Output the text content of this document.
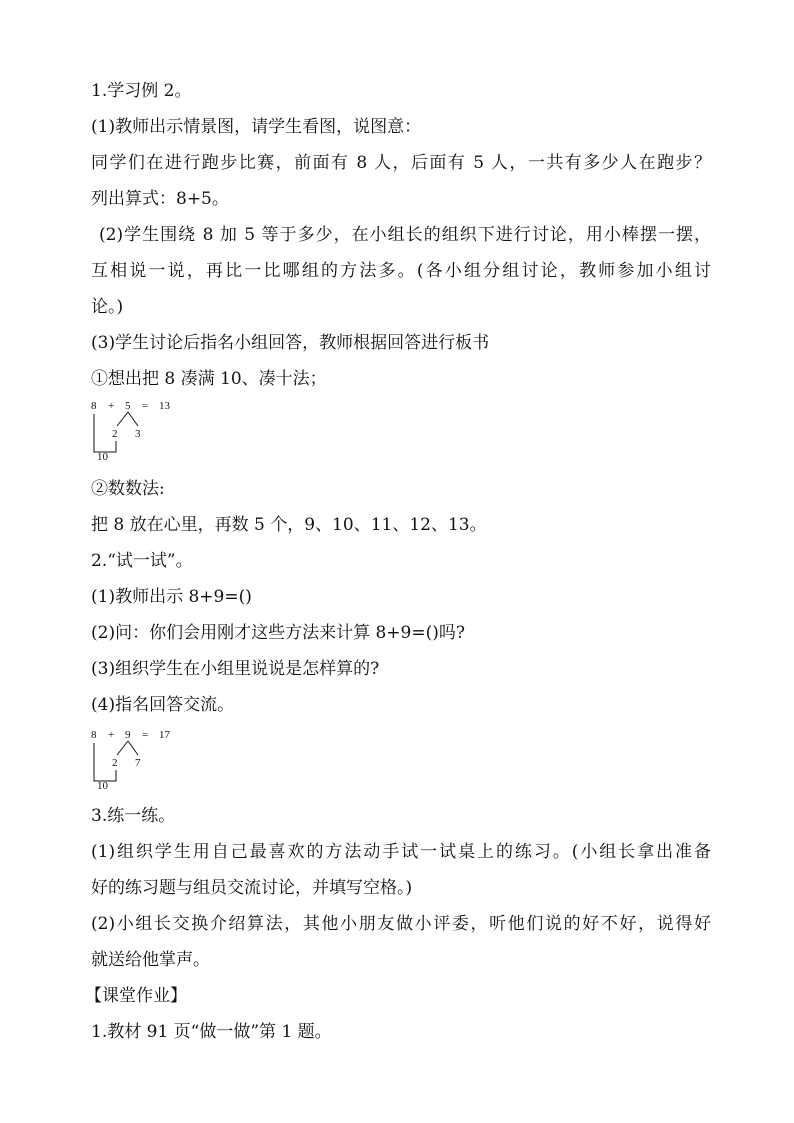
1.学习例 2。
(1)教师出示情景图，请学生看图，说图意：
同学们在进行跑步比赛，前面有 8 人，后面有 5 人，一共有多少人在跑步？
列出算式：8+5。
(2)学生围绕 8 加 5 等于多少，在小组长的组织下进行讨论，用小棒摆一摆，
互相说一说，再比一比哪组的方法多。(各小组分组讨论，教师参加小组讨
论。)
(3)学生讨论后指名小组回答，教师根据回答进行板书
①想出把 8 凑满 10、凑十法；
8 + 5 = 13
2 3
10
②数数法:
把 8 放在心里，再数 5 个，9、10、11、12、13。
2.“试一试”。
(1)教师出示 8+9=()
(2)问：你们会用刚才这些方法来计算 8+9=()吗?
(3)组织学生在小组里说说是怎样算的?
(4)指名回答交流。
8 + 9 = 17
2 7
10
3.练一练。
(1)组织学生用自己最喜欢的方法动手试一试桌上的练习。(小组长拿出准备
好的练习题与组员交流讨论，并填写空格。)
(2)小组长交换介绍算法，其他小朋友做小评委，听他们说的好不好，说得好
就送给他掌声。
【课堂作业】
1.教材 91 页“做一做”第 1 题。
